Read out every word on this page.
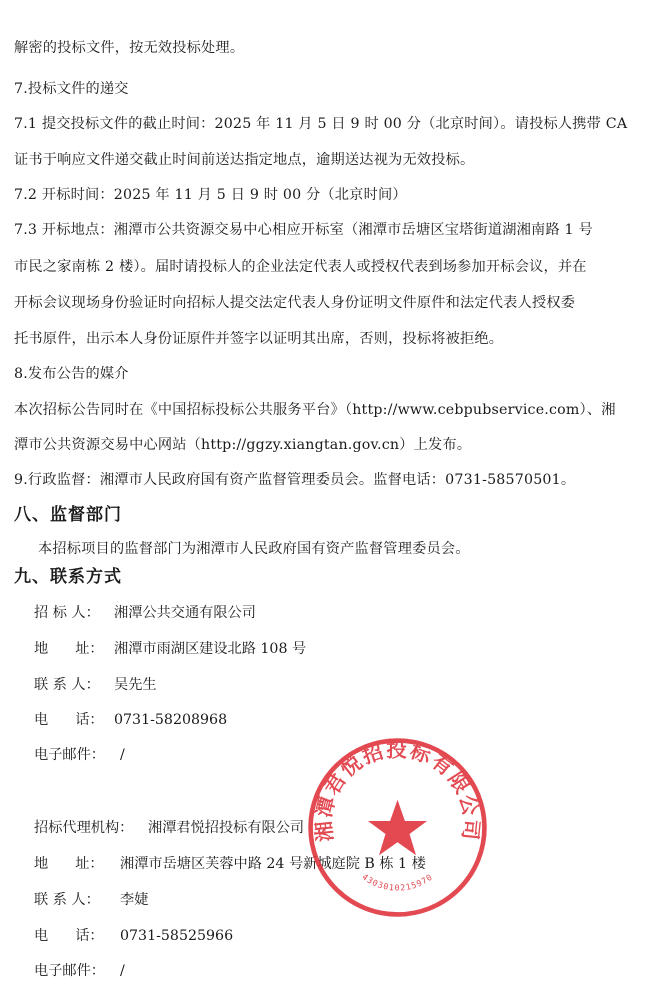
解密的投标文件，按无效投标处理。
7.投标文件的递交
7.1 提交投标文件的截止时间：2025 年 11 月 5 日 9 时 00 分（北京时间）。请投标人携带 CA
证书于响应文件递交截止时间前送达指定地点，逾期送达视为无效投标。
7.2 开标时间：2025 年 11 月 5 日 9 时 00 分（北京时间）
7.3 开标地点：湘潭市公共资源交易中心相应开标室（湘潭市岳塘区宝塔街道湖湘南路 1 号
市民之家南栋 2 楼）。届时请投标人的企业法定代表人或授权代表到场参加开标会议，并在
开标会议现场身份验证时向招标人提交法定代表人身份证明文件原件和法定代表人授权委
托书原件，出示本人身份证原件并签字以证明其出席，否则，投标将被拒绝。
8.发布公告的媒介
本次招标公告同时在《中国招标投标公共服务平台》（http://www.cebpubservice.com）、湘
潭市公共资源交易中心网站（http://ggzy.xiangtan.gov.cn）上发布。
9.行政监督：湘潭市人民政府国有资产监督管理委员会。监督电话：0731-58570501。
八、监督部门
本招标项目的监督部门为湘潭市人民政府国有资产监督管理委员会。
九、联系方式
招 标 人： 湘潭公共交通有限公司
地      址： 湘潭市雨湖区建设北路 108 号
联 系 人： 吴先生
电      话： 0731-58208968
电子邮件： /
招标代理机构： 湘潭君悦招投标有限公司
地      址： 湘潭市岳塘区芙蓉中路 24 号新城庭院 B 栋 1 楼
联 系 人： 李婕
电      话： 0731-58525966
电子邮件： /
湘潭君悦招投标有限公司
4303010215970
